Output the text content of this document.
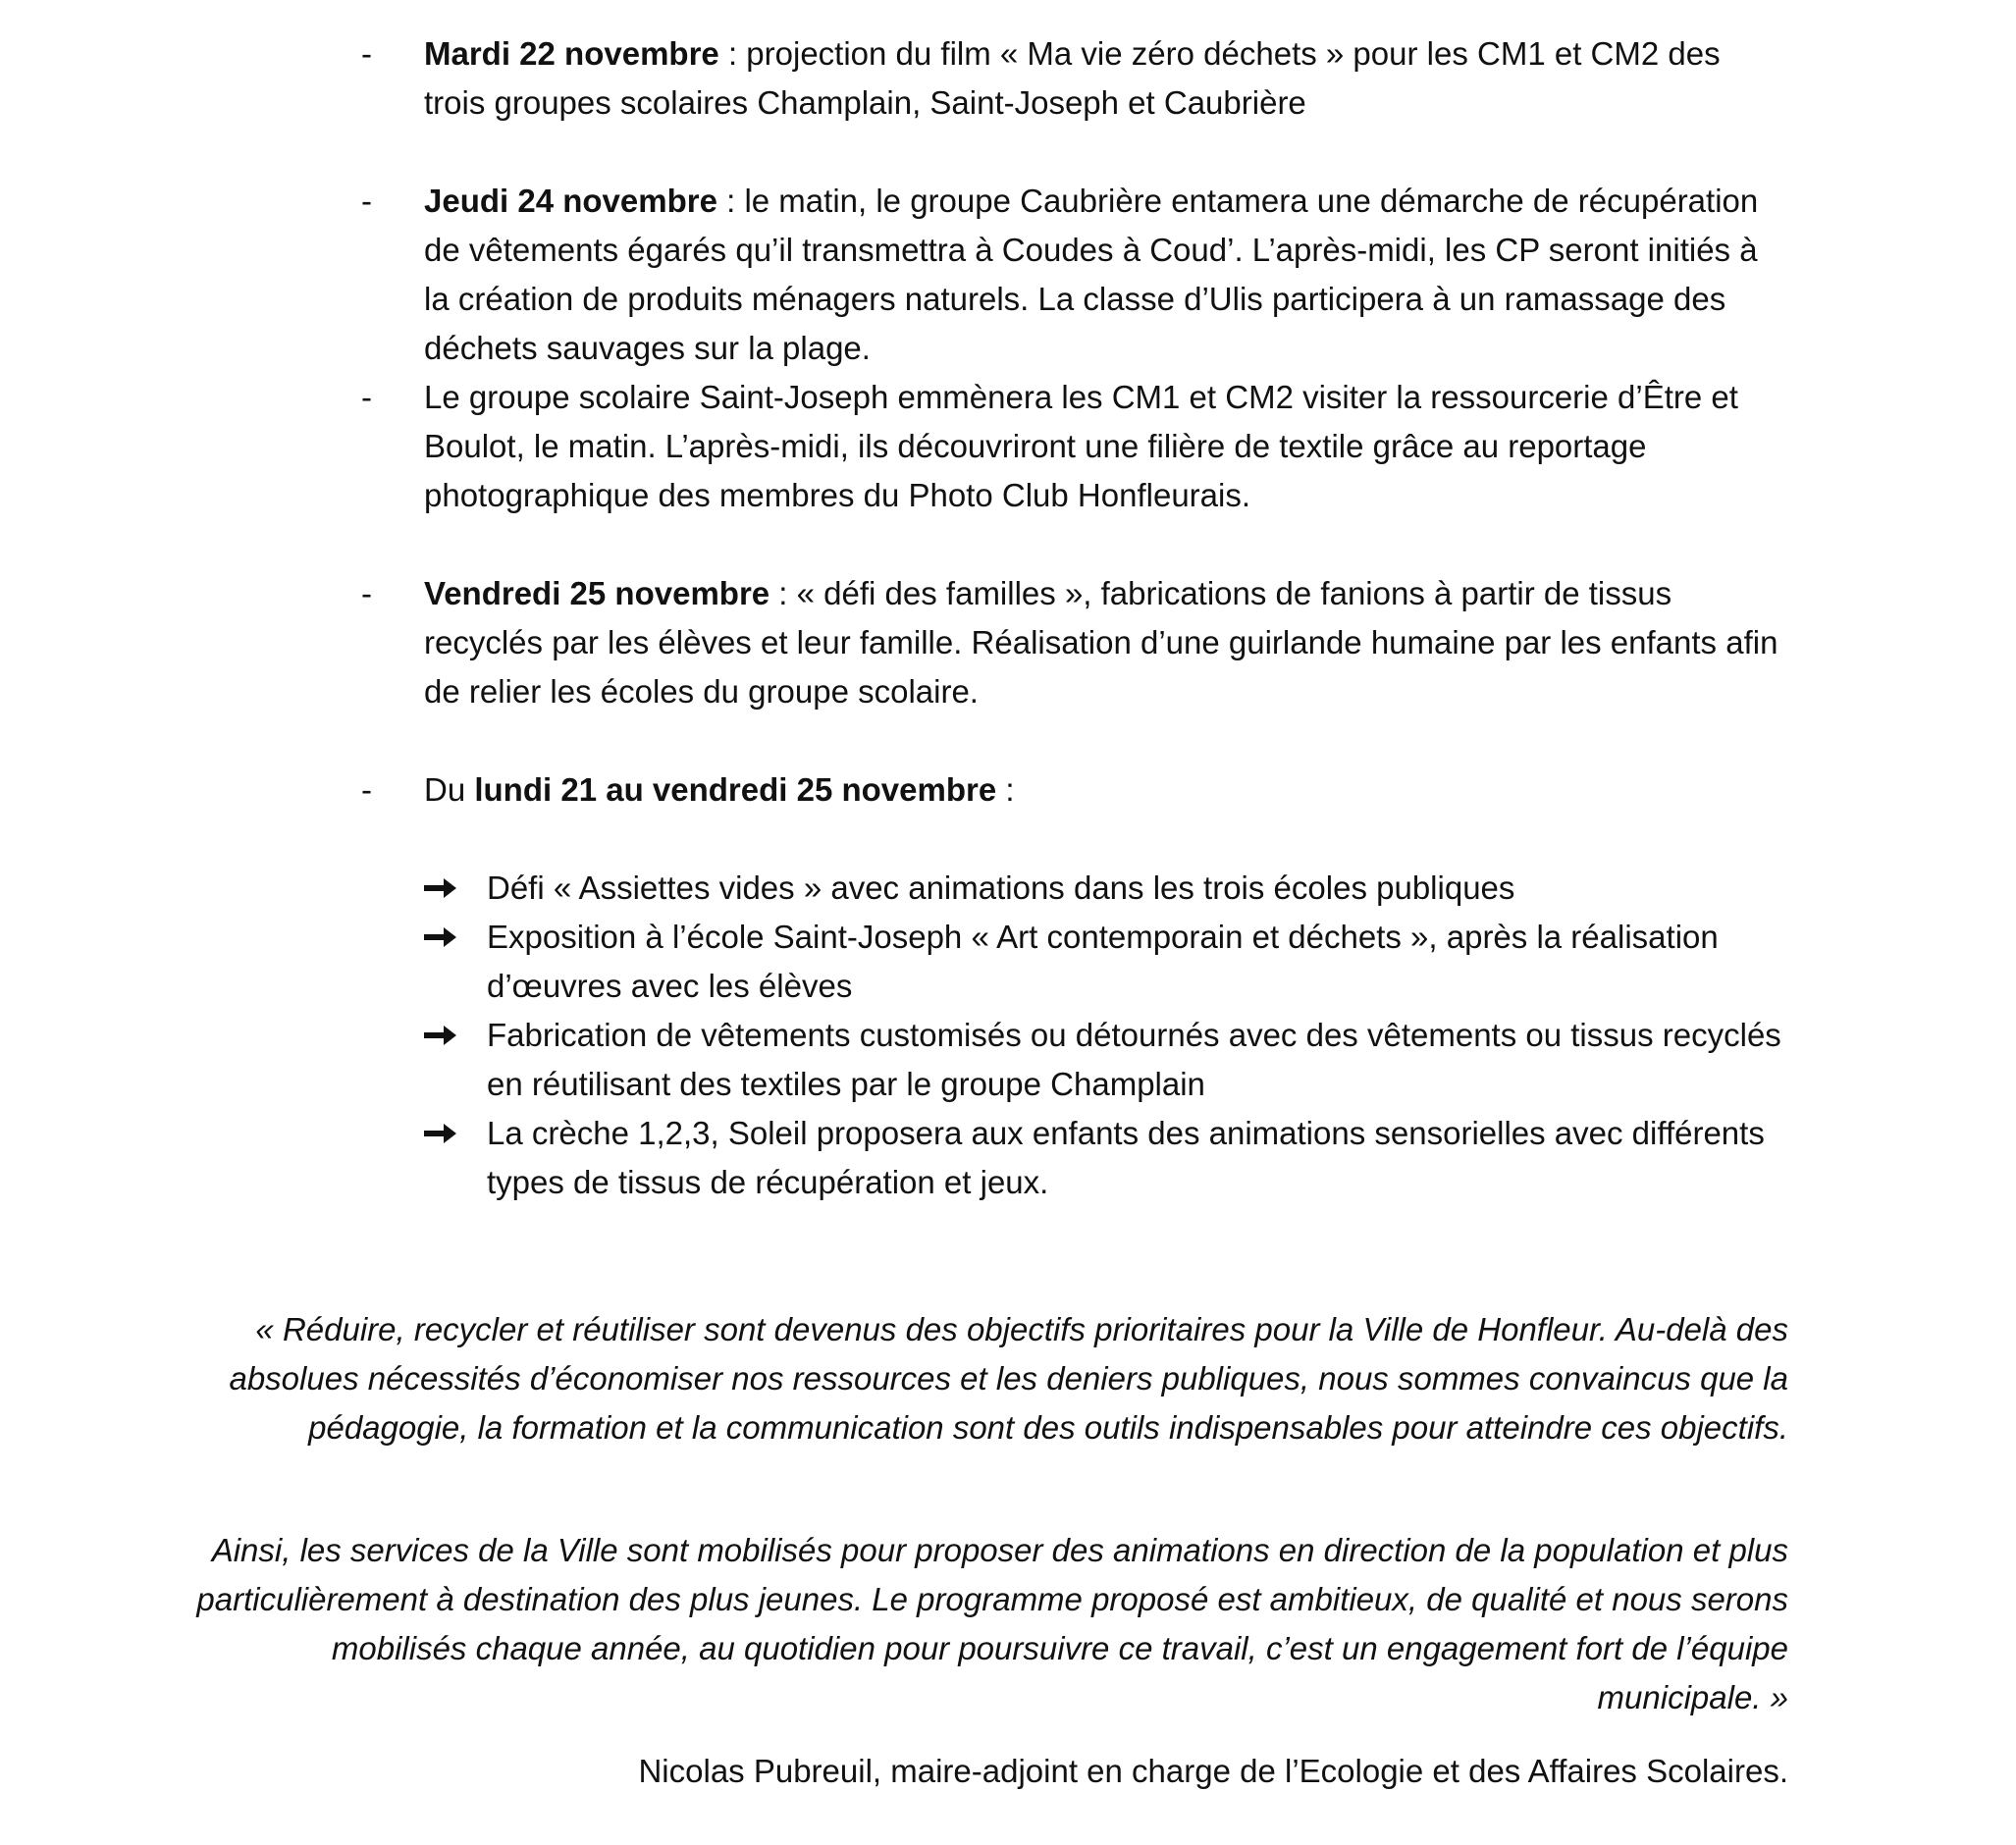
-	Mardi 22 novembre : projection du film « Ma vie zéro déchets » pour les CM1 et CM2 des trois groupes scolaires Champlain, Saint-Joseph et Caubrière
-	Jeudi 24 novembre : le matin, le groupe Caubrière entamera une démarche de récupération de vêtements égarés qu’il transmettra à Coudes à Coud’. L’après-midi, les CP seront initiés à la création de produits ménagers naturels. La classe d’Ulis participera à un ramassage des déchets sauvages sur la plage.
-	Le groupe scolaire Saint-Joseph emmènera les CM1 et CM2 visiter la ressourcerie d’Être et Boulot, le matin. L’après-midi, ils découvriront une filière de textile grâce au reportage photographique des membres du Photo Club Honfleurais.
-	Vendredi 25 novembre : « défi des familles », fabrications de fanions à partir de tissus recyclés par les élèves et leur famille. Réalisation d’une guirlande humaine par les enfants afin de relier les écoles du groupe scolaire.
-	Du lundi 21 au vendredi 25 novembre :
Défi « Assiettes vides » avec animations dans les trois écoles publiques
Exposition à l’école Saint-Joseph « Art contemporain et déchets », après la réalisation d’œuvres avec les élèves
Fabrication de vêtements customisés ou détournés avec des vêtements ou tissus recyclés en réutilisant des textiles par le groupe Champlain
La crèche 1,2,3, Soleil proposera aux enfants des animations sensorielles avec différents types de tissus de récupération et jeux.

« Réduire, recycler et réutiliser sont devenus des objectifs prioritaires pour la Ville de Honfleur. Au-delà des absolues nécessités d’économiser nos ressources et les deniers publiques, nous sommes convaincus que la pédagogie, la formation et la communication sont des outils indispensables pour atteindre ces objectifs.

Ainsi, les services de la Ville sont mobilisés pour proposer des animations en direction de la population et plus particulièrement à destination des plus jeunes. Le programme proposé est ambitieux, de qualité et nous serons mobilisés chaque année, au quotidien pour poursuivre ce travail, c’est un engagement fort de l’équipe municipale. »

Nicolas Pubreuil, maire-adjoint en charge de l’Ecologie et des Affaires Scolaires.
